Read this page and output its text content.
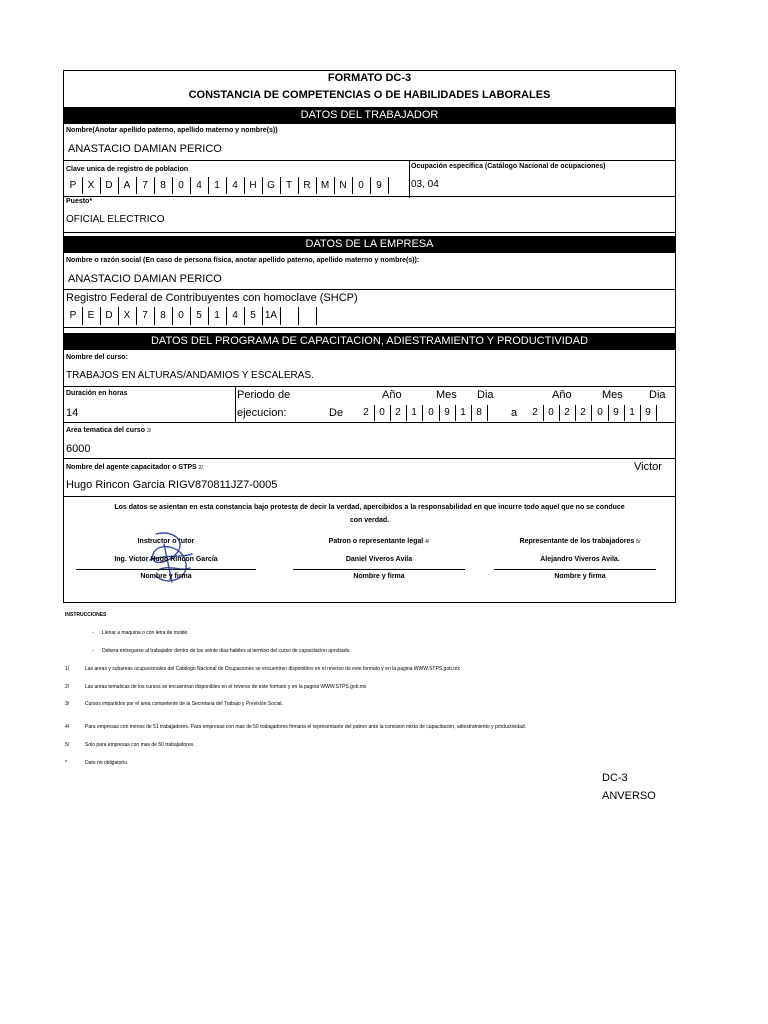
FORMATO DC-3
CONSTANCIA DE COMPETENCIAS O DE HABILIDADES LABORALES
DATOS DEL TRABAJADOR
Nombre(Anotar apellido paterno, apellido materno y nombre(s))
ANASTACIO DAMIAN PERICO
Clave unica de registro de poblacion	Ocupación específica (Catálogo Nacional de ocupaciones)
P	X	D	A	7	8	0	4	1	4	H	G	T	R	M	N	0	9	03, 04
Puesto*
OFICIAL ELECTRICO
DATOS DE LA EMPRESA
Nombre o razón social (En caso de persona física, anotar apellido paterno, apellido materno y nombre(s)):
ANASTACIO DAMIAN PERICO
Registro Federal de Contribuyentes con homoclave (SHCP)
P	E	D	X	7	8	0	5	1	4	5 1A
DATOS DEL PROGRAMA DE CAPACITACION, ADIESTRAMIENTO Y PRODUCTIVIDAD
Nombre del curso:
TRABAJOS EN ALTURAS/ANDAMIOS Y ESCALERAS.
Duración en horas
14
Periodo de
ejecucion:	De	a
Año	Mes Dia	Año	Mes Dia
2	0	2	1	0	9	1	8	2	0	2	2	0	9	1	9
Area tematica del curso 3/
6000
Nombre del agente capacitador o STPS 2/	Victor
Hugo Rincon Garcia RIGV870811JZ7-0005
Los datos se asientan en esta constancia bajo protesta de decir la verdad, apercibidos a la responsabilidad en que incurre todo aquel que no se conduce
con verdad.
Instructor o tutor	Patron o representante legal 4/	Representante de los trabajadores 5/
Ing. Victor Hugo Rincon García	Daniel Viveros Avila	Alejandro Viveros Avila.
Nombre y firma	Nombre y firma	Nombre y firma
INSTRUCCIONES
- Llenar a maquina o con letra de molde.
- Debera entregarse al trabajador dentro de los veinte dias habiles al termino del curso de capacitacion aprobado.
1/	Las areas y subareas ocupacionales del Catalogo Nacional de Ocupaciones se encuentran disponibles en el reverso de este formato y en la pagina WWW.STPS.gob.mx
2/	Las areas tematicas de los cursos se encuentran disponibles en el reverso de este formato y en la pagina WWW.STPS.gob.mx
3/	Cursos impartidos por el area competente de la Secretaria del Trabajo y Previsión Social.
4/	Para empresas con menos de 51 trabajadores. Para empresas con mas de 50 trabajadores firmaria el representante del patron ante la comision mixta de capacitación, adiestramiento y productividad.
5/	Solo para empresas con mas de 50 trabajadores.
*	Dato no obligatorio.
DC-3
ANVERSO
